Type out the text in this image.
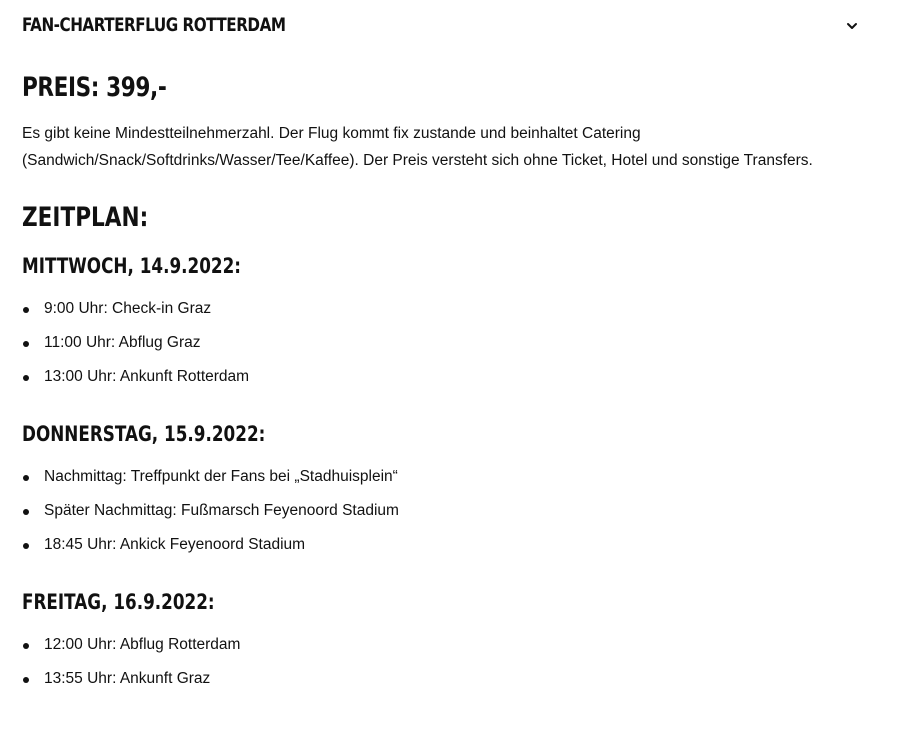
FAN-CHARTERFLUG ROTTERDAM
PREIS: 399,-

Es gibt keine Mindestteilnehmerzahl. Der Flug kommt fix zustande und beinhaltet Catering (Sandwich/Snack/Softdrinks/Wasser/Tee/Kaffee). Der Preis versteht sich ohne Ticket, Hotel und sonstige Transfers.

ZEITPLAN:
MITTWOCH, 14.9.2022:
9:00 Uhr: Check-in Graz
11:00 Uhr: Abflug Graz
13:00 Uhr: Ankunft Rotterdam
DONNERSTAG, 15.9.2022:
Nachmittag: Treffpunkt der Fans bei „Stadhuisplein“
Später Nachmittag: Fußmarsch Feyenoord Stadium
18:45 Uhr: Ankick Feyenoord Stadium
FREITAG, 16.9.2022:
12:00 Uhr: Abflug Rotterdam
13:55 Uhr: Ankunft Graz
